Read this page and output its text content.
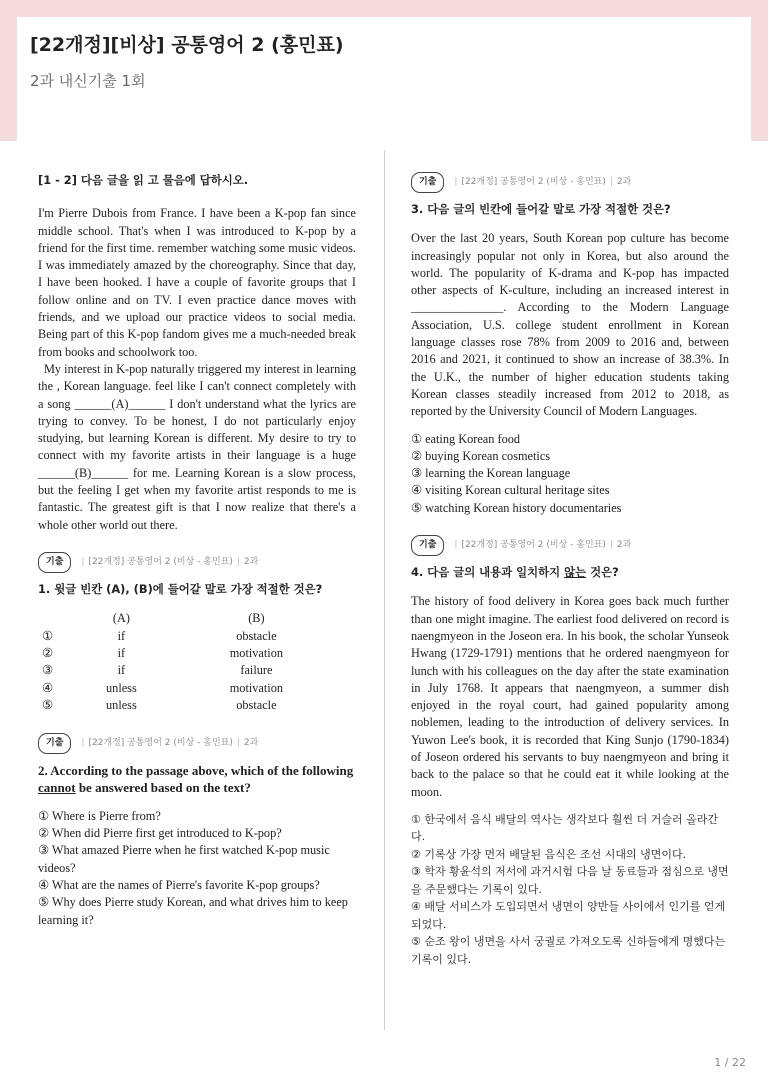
[22개정][비상] 공통영어 2 (홍민표)
2과 내신기출 1회
[1 - 2] 다음 글을 읽 고 물음에 답하시오.

I'm Pierre Dubois from France. I have been a K-pop fan since middle school. That's when I was introduced to K-pop by a friend for the first time. remember watching some music videos. I was immediately amazed by the choreography. Since that day, I have been hooked. I have a couple of favorite groups that I follow online and on TV. I even practice dance moves with friends, and we upload our practice videos to social media. Being part of this K-pop fandom gives me a much-needed break from books and schoolwork too.

My interest in K-pop naturally triggered my interest in learning the , Korean language. feel like I can't connect completely with a song ______(A)______ I don't understand what the lyrics are trying to convey. To be honest, I do not particularly enjoy studying, but learning Korean is different. My desire to try to connect with my favorite artists in their language is a huge ______(B)______ for me. Learning Korean is a slow process, but the feeling I get when my favorite artist responds to me is fantastic. The greatest gift is that I now realize that there's a whole other world out there.

기출	| [22개정] 공통영어 2 (비상 - 홍민표) | 2과
1. 윗글 빈칸 (A), (B)에 들어갈 말로 가장 적절한 것은?
	(A)	(B)
①	if	obstacle
②	if	motivation
③	if	failure
④	unless	motivation
⑤	unless	obstacle
기출	| [22개정] 공통영어 2 (비상 - 홍민표) | 2과
2. According to the passage above, which of the following cannot be answered based on the text?
① Where is Pierre from?
② When did Pierre first get introduced to K-pop?
③ What amazed Pierre when he first watched K-pop music videos?
④ What are the names of Pierre's favorite K-pop groups?
⑤ Why does Pierre study Korean, and what drives him to keep learning it?
기출	| [22개정] 공통영어 2 (비상 - 홍민표) | 2과
3. 다음 글의 빈칸에 들어갈 말로 가장 적절한 것은?
Over the last 20 years, South Korean pop culture has become increasingly popular not only in Korea, but also around the world. The popularity of K-drama and K-pop has impacted other aspects of K-culture, including an increased interest in _______________. According to the Modern Language Association, U.S. college student enrollment in Korean language classes rose 78% from 2009 to 2016 and, between 2016 and 2021, it continued to show an increase of 38.3%. In the U.K., the number of higher education students taking Korean classes steadily increased from 2012 to 2018, as reported by the University Council of Modern Languages.
① eating Korean food
② buying Korean cosmetics
③ learning the Korean language
④ visiting Korean cultural heritage sites
⑤ watching Korean history documentaries
기출	| [22개정] 공통영어 2 (비상 - 홍민표) | 2과
4. 다음 글의 내용과 일치하지 않는 것은?
The history of food delivery in Korea goes back much further than one might imagine. The earliest food delivered on record is naengmyeon in the Joseon era. In his book, the scholar Yunseok Hwang (1729-1791) mentions that he ordered naengmyeon for lunch with his colleagues on the day after the state examination in July 1768. It appears that naengmyeon, a summer dish enjoyed in the royal court, had gained popularity among noblemen, leading to the introduction of delivery services. In Yuwon Lee's book, it is recorded that King Sunjo (1790-1834) of Joseon ordered his servants to buy naengmyeon and bring it back to the palace so that he could eat it while looking at the moon.
① 한국에서 음식 배달의 역사는 생각보다 훨씬 더 거슬러 올라간다.
② 기록상 가장 먼저 배달된 음식은 조선 시대의 냉면이다.
③ 학자 황윤석의 저서에 과거시험 다음 날 동료들과 점심으로 냉면을 주문했다는 기록이 있다.
④ 배달 서비스가 도입되면서 냉면이 양반들 사이에서 인기를 얻게 되었다.
⑤ 순조 왕이 냉면을 사서 궁궐로 가져오도록 신하들에게 명했다는 기록이 있다.
1 / 22
